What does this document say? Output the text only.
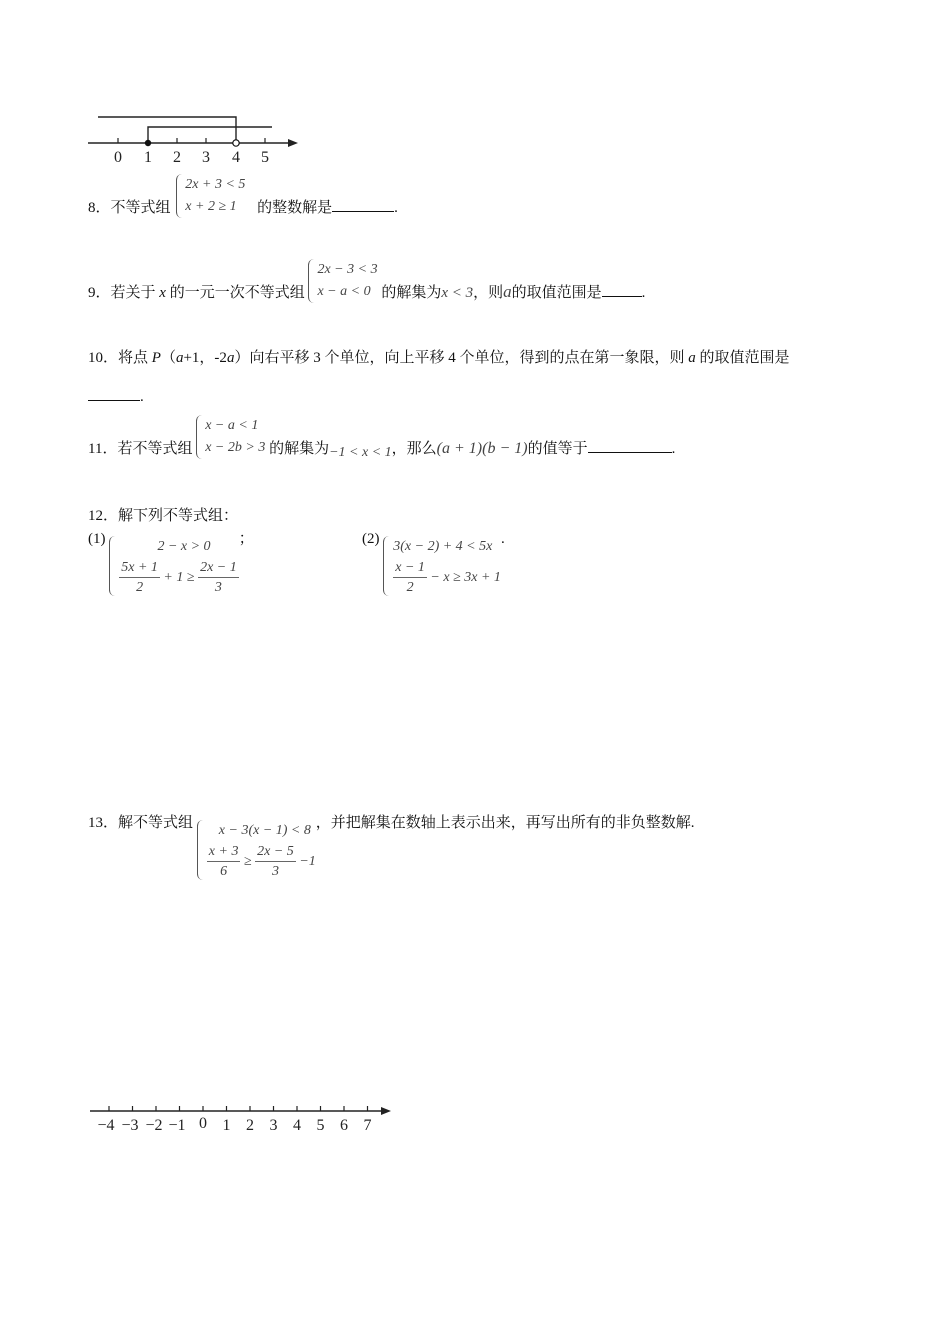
0 1 2 3 4 5
8．不等式组
2x + 3 < 5
x + 2 ≥ 1	的整数解是	.
9．若关于 x 的一元一次不等式组
2x − 3 < 3
x − a < 0 的解集为x < 3，则a的取值范围是	.
10．将点 P（a+1，-2a）向右平移 3 个单位，向上平移 4 个单位，得到的点在第一象限，则 a 的取值范围是
.
11．若不等式组
x − a < 1
x − 2b > 3 的解集为−1 < x < 1，那么(a + 1)(b − 1)的值等于	.
12．解下列不等式组：
(1)	2 − x > 0
$\frac{5x + 1}{2} + 1 \ge \frac{2x - 1}{3}$
；	(2) 3(x − 2) + 4 < 5x
$\frac{x - 1}{2} - x \ge 3x + 1$
.
13．解不等式组	x − 3(x − 1) < 8
$\frac{x + 3}{6} \ge \frac{2x - 5}{3} -1$
，并把解集在数轴上表示出来，再写出所有的非负整数解.
−4 −3 −2 −1 0 1 2 3 4 5 6 7
